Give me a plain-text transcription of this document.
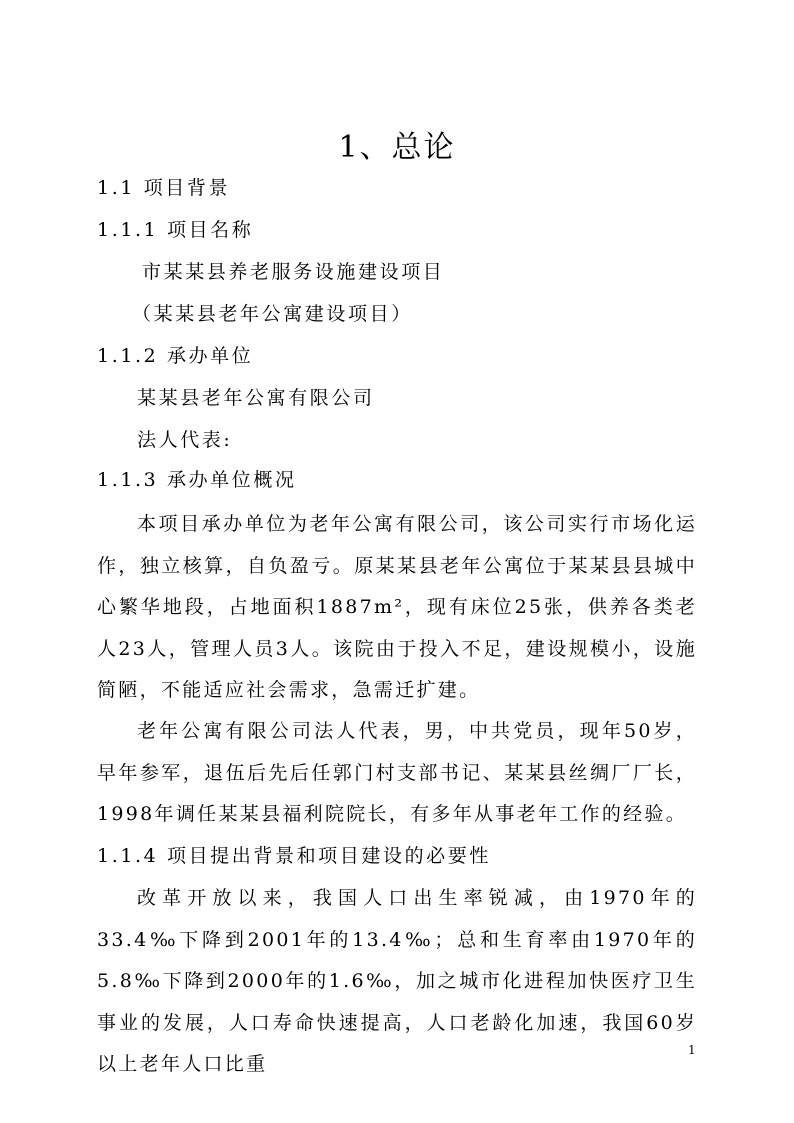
1、总论
1.1 项目背景
1.1.1 项目名称
市某某县养老服务设施建设项目
（某某县老年公寓建设项目）
1.1.2 承办单位
某某县老年公寓有限公司
法人代表:
1.1.3 承办单位概况
本项目承办单位为老年公寓有限公司，该公司实行市场化运作，独立核算，自负盈亏。原某某县老年公寓位于某某县县城中心繁华地段，占地面积1887m²，现有床位25张，供养各类老人23人，管理人员3人。该院由于投入不足，建设规模小，设施简陋，不能适应社会需求，急需迁扩建。
老年公寓有限公司法人代表，男，中共党员，现年50岁，早年参军，退伍后先后任郭门村支部书记、某某县丝绸厂厂长，1998年调任某某县福利院院长，有多年从事老年工作的经验。
1.1.4 项目提出背景和项目建设的必要性
改革开放以来，我国人口出生率锐减，由1970年的33.4‰下降到2001年的13.4‰；总和生育率由1970年的5.8‰下降到2000年的1.6‰，加之城市化进程加快医疗卫生事业的发展，人口寿命快速提高，人口老龄化加速，我国60岁以上老年人口比重
1
